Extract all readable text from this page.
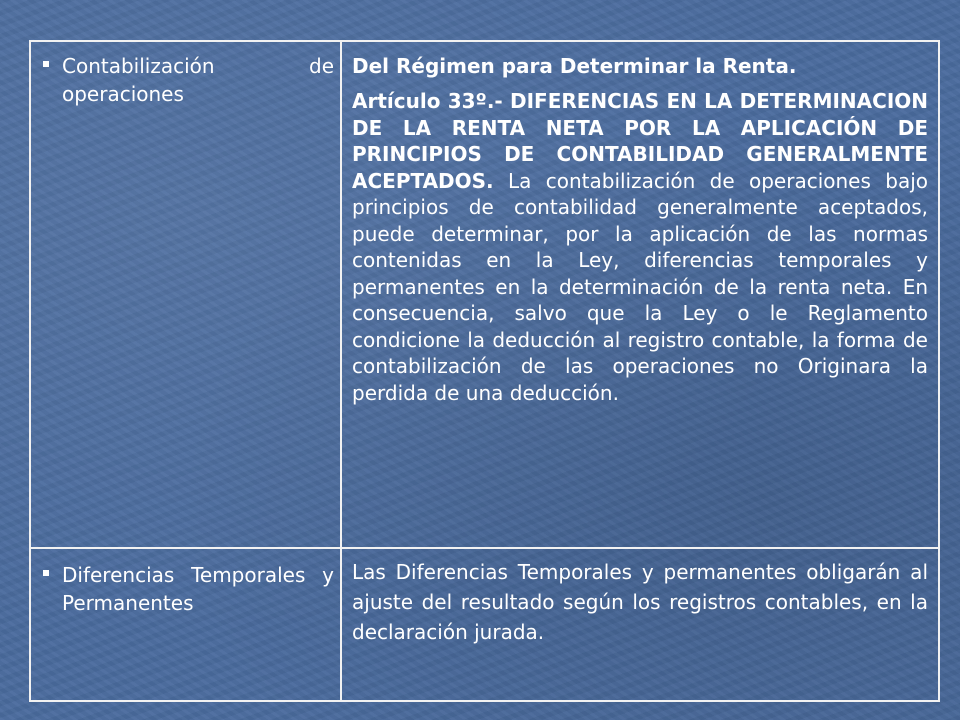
Contabilización de operaciones

Del Régimen para Determinar la Renta.

Artículo 33º.- DIFERENCIAS EN LA DETERMINACION DE LA RENTA NETA POR LA APLICACIÓN DE PRINCIPIOS DE CONTABILIDAD GENERALMENTE ACEPTADOS. La contabilización de operaciones bajo principios de contabilidad generalmente aceptados, puede determinar, por la aplicación de las normas contenidas en la Ley, diferencias temporales y permanentes en la determinación de la renta neta. En consecuencia, salvo que la Ley o le Reglamento condicione la deducción al registro contable, la forma de contabilización de las operaciones no Originara la perdida de una deducción.

Diferencias Temporales y Permanentes

Las Diferencias Temporales y permanentes obligarán al ajuste del resultado según los registros contables, en la declaración jurada.
